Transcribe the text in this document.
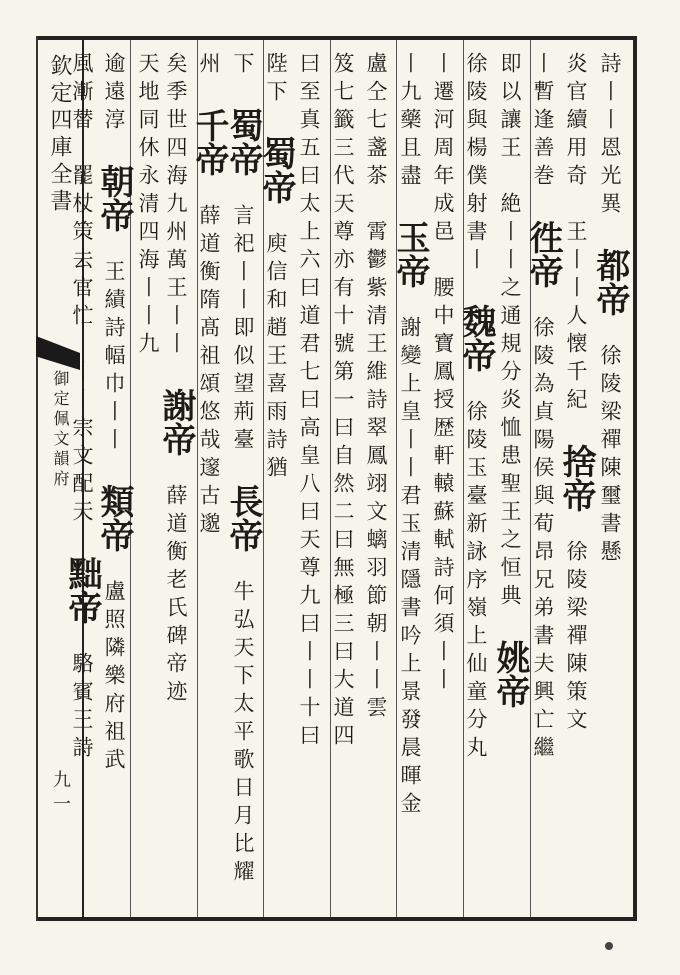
欽定四庫全書
御定佩文韻府
九一
詩丨丨恩光異　都帝　徐陵梁禪陳璽書懸
炎官續用奇　王丨丨人懐千紀　捨帝　徐陵梁禪陳策文
丨暫逢善巻　徃帝　徐陵為貞陽侯與荀昂兄弟書夫興亡繼
即以讓王　絶丨丨之通規分炎恤患聖王之恒典　姚帝
徐陵與楊僕射書丨　魏帝　徐陵玉臺新詠序嶺上仙童分丸
丨遷河周年成邑　腰中寶鳳授歴軒轅蘇軾詩何須丨丨
丨九藥且盡　玉帝　謝變上皇丨丨君玉清隱書吟上景發晨暉金
盧仝七盞茶　霄鬱紫清王維詩翠鳳翊文螭羽節朝丨丨雲
笈七籤三代天尊亦有十號第一曰自然二曰無極三曰大道四
曰至真五曰太上六曰道君七曰高皇八曰天尊九曰丨丨十曰
陛下　蜀帝　庾信和趙王喜雨詩猶
下　蜀帝　言祀丨丨即似望荊臺　長帝　牛弘天下太平歌日月比耀
州　千帝　薛道衡隋髙祖頌悠哉邃古邈
矣季世四海九州萬王丨丨　謝帝　薛道衡老氏碑帝迹
天地同休永清四海丨丨九
逾遠淳　朝帝　王績詩幅巾丨丨　類帝　盧照隣樂府祖武
風漸替　罷杖策去官忙　丨丨宗文配天　黜帝　駱賓王詩
